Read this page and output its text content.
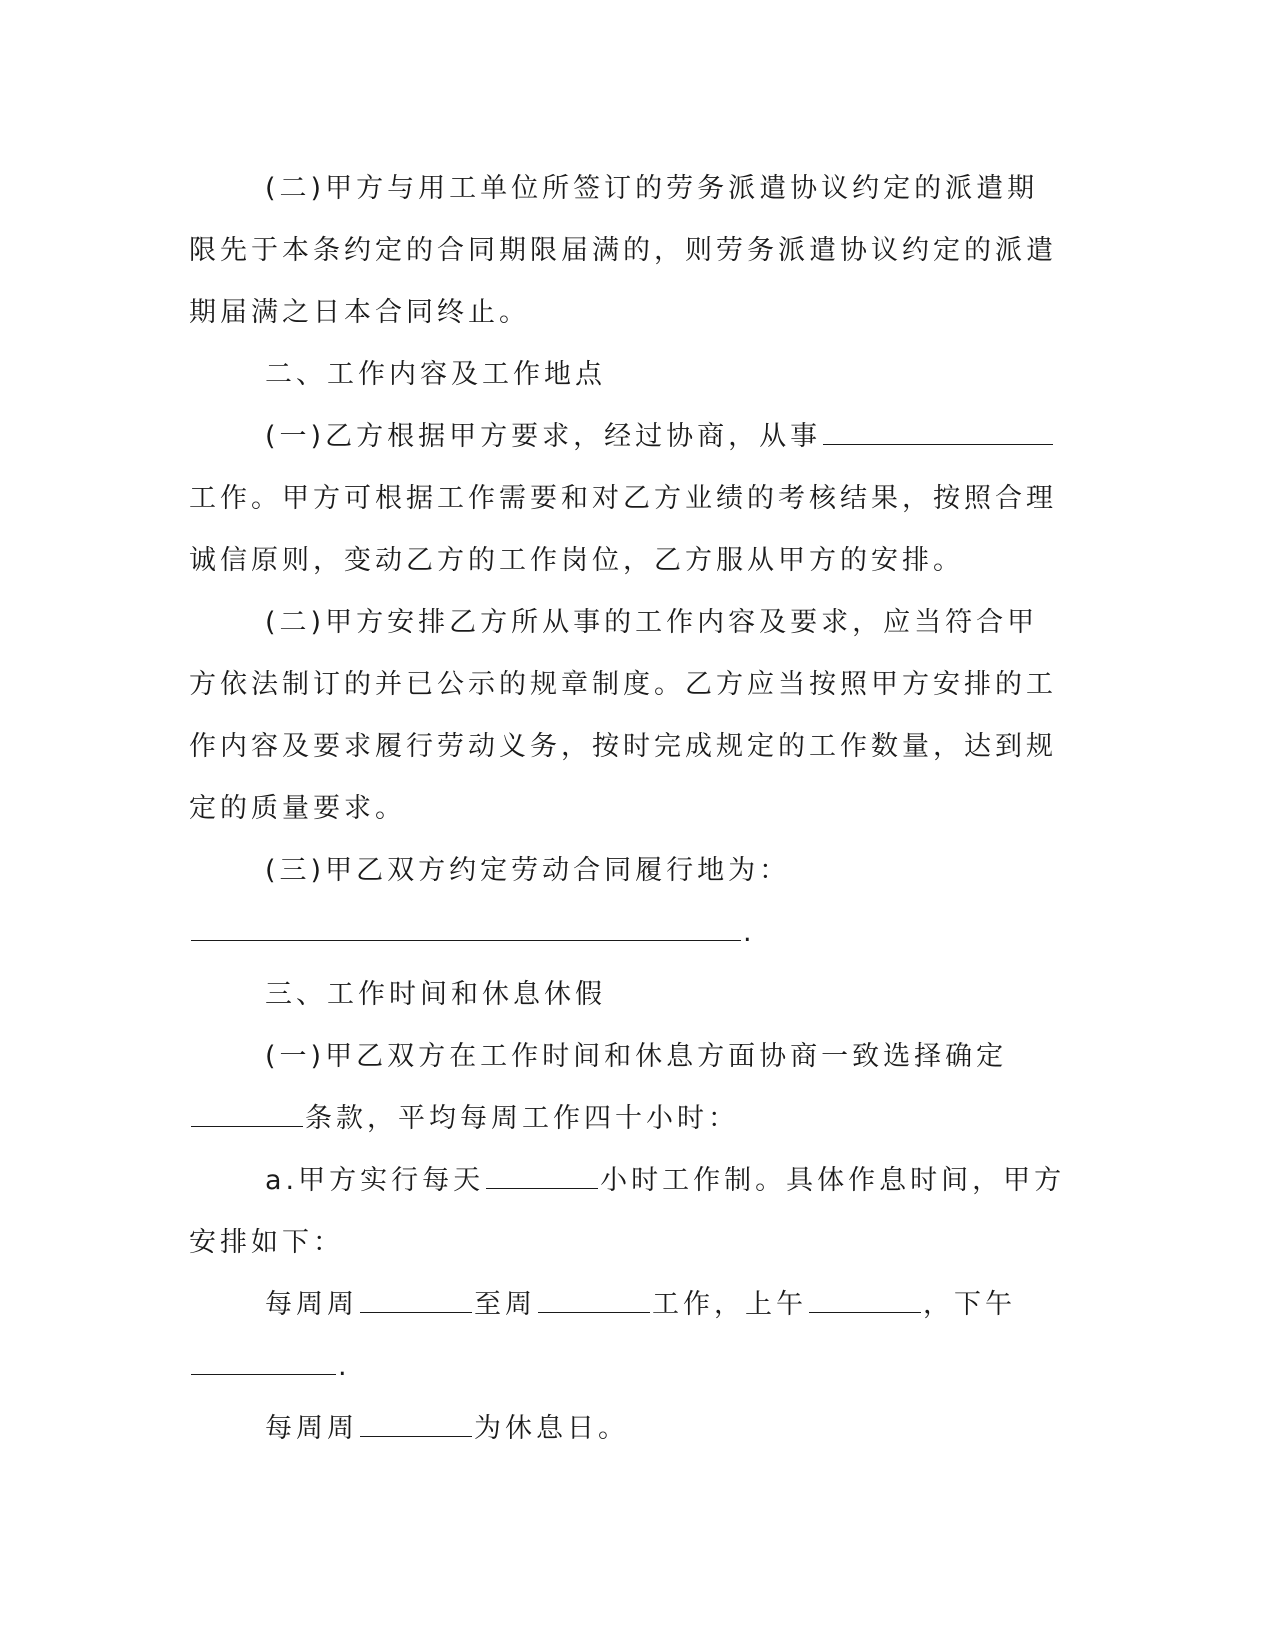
(二)甲方与用工单位所签订的劳务派遣协议约定的派遣期限先于本条约定的合同期限届满的，则劳务派遣协议约定的派遣期届满之日本合同终止。

二、工作内容及工作地点

(一)乙方根据甲方要求，经过协商，从事工作。甲方可根据工作需要和对乙方业绩的考核结果，按照合理诚信原则，变动乙方的工作岗位，乙方服从甲方的安排。

(二)甲方安排乙方所从事的工作内容及要求，应当符合甲方依法制订的并已公示的规章制度。乙方应当按照甲方安排的工作内容及要求履行劳动义务，按时完成规定的工作数量，达到规定的质量要求。

(三)甲乙双方约定劳动合同履行地为：

.

三、工作时间和休息休假

(一)甲乙双方在工作时间和休息方面协商一致选择确定条款，平均每周工作四十小时：

a.甲方实行每天	小时工作制。具体作息时间，甲方安排如下：

每周周	至周	工作，上午	，下午

.

每周周	为休息日。
